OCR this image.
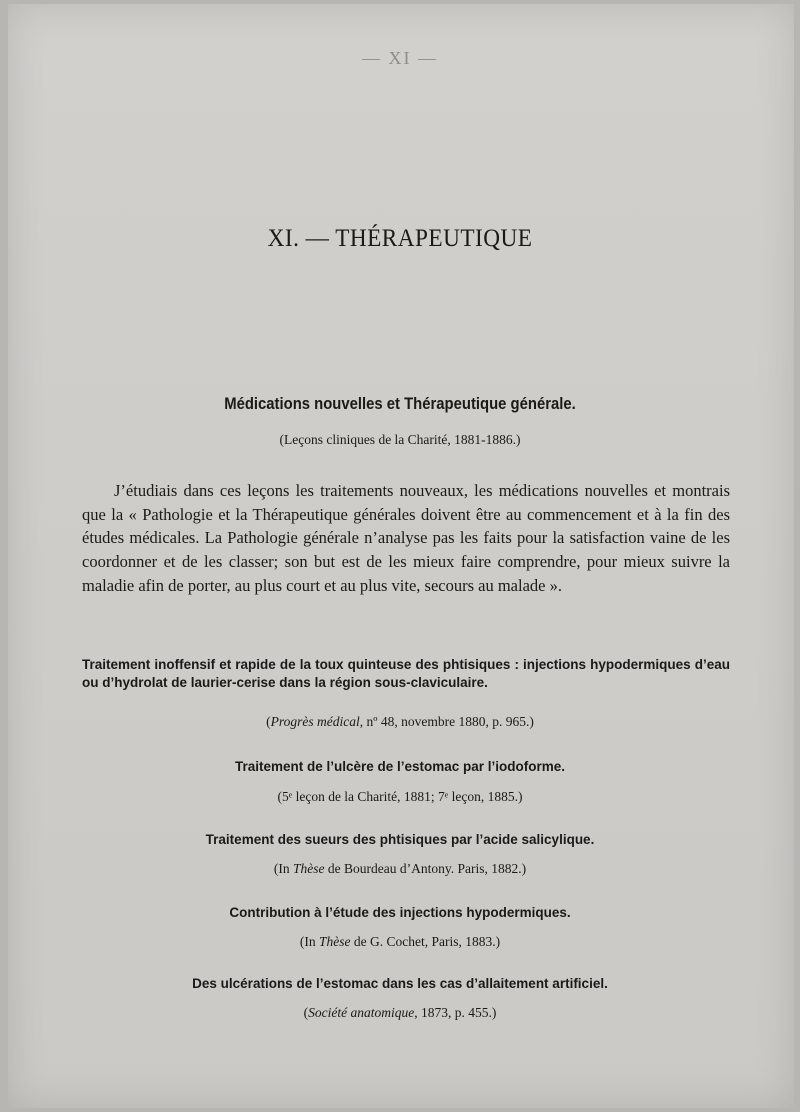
— XI —
XI. — THÉRAPEUTIQUE
Médications nouvelles et Thérapeutique générale.
(Leçons cliniques de la Charité, 1881-1886.)
J’étudiais dans ces leçons les traitements nouveaux, les médications nouvelles et montrais que la « Pathologie et la Thérapeutique générales doivent être au commencement et à la fin des études médicales. La Pathologie générale n’analyse pas les faits pour la satisfaction vaine de les coordonner et de les classer; son but est de les mieux faire comprendre, pour mieux suivre la maladie afin de porter, au plus court et au plus vite, secours au malade ».
Traitement inoffensif et rapide de la toux quinteuse des phtisiques : injections hypodermiques d’eau ou d’hydrolat de laurier-cerise dans la région sous-claviculaire.
(Progrès médical, nº 48, novembre 1880, p. 965.)
Traitement de l’ulcère de l’estomac par l’iodoforme.
(5ᵉ leçon de la Charité, 1881; 7ᵉ leçon, 1885.)
Traitement des sueurs des phtisiques par l’acide salicylique.
(In Thèse de Bourdeau d’Antony. Paris, 1882.)
Contribution à l’étude des injections hypodermiques.
(In Thèse de G. Cochet, Paris, 1883.)
Des ulcérations de l’estomac dans les cas d’allaitement artificiel.
(Société anatomique, 1873, p. 455.)
